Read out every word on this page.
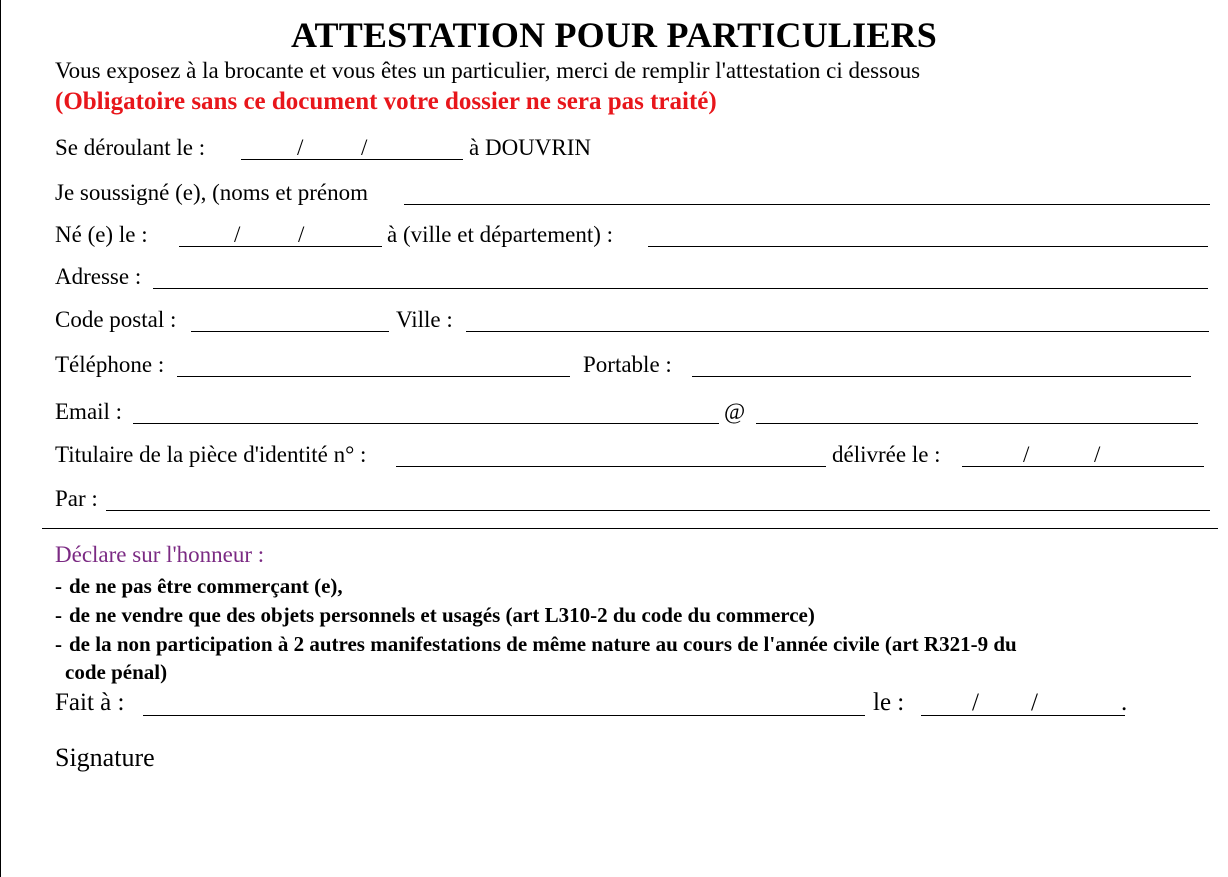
ATTESTATION POUR PARTICULIERS
Vous exposez à la brocante et vous êtes un particulier, merci de remplir l'attestation ci dessous
(Obligatoire sans ce document votre dossier ne sera pas traité)
Se déroulant le :	/	/	à DOUVRIN
Je soussigné (e), (noms et prénom
Né (e) le :	/	/	à (ville et département) :
Adresse :
Code postal :	Ville :
Téléphone :	Portable :
Email :	@
Titulaire de la pièce d'identité n° :	délivrée le :	/	/
Par :
Déclare sur l'honneur :
- de ne pas être commerçant (e),
- de ne vendre que des objets personnels et usagés (art L310-2 du code du commerce)
- de la non participation à 2 autres manifestations de même nature au cours de l'année civile (art R321-9 du
code pénal)
Fait à :	le :	/ /	.
Signature
